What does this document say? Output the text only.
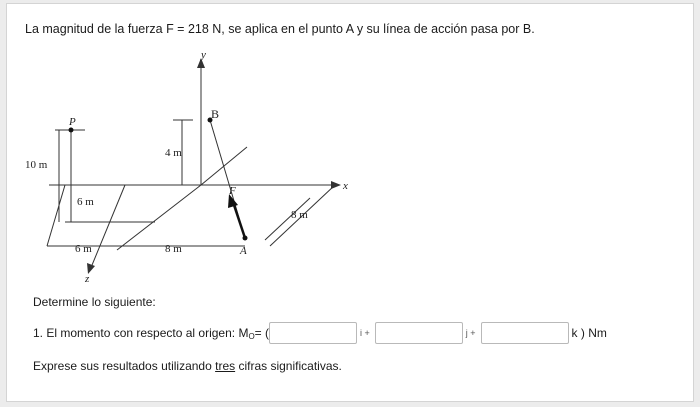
La magnitud de la fuerza F = 218 N, se aplica en el punto A y su línea de acción pasa por B.
y
x
z
P
B
F
A
10 m
4 m
6 m
6 m	8 m
8 m
Determine lo siguiente:
1. El momento con respecto al origen: M O = (	i +	j +	k ) Nm
Exprese sus resultados utilizando tres cifras significativas.
